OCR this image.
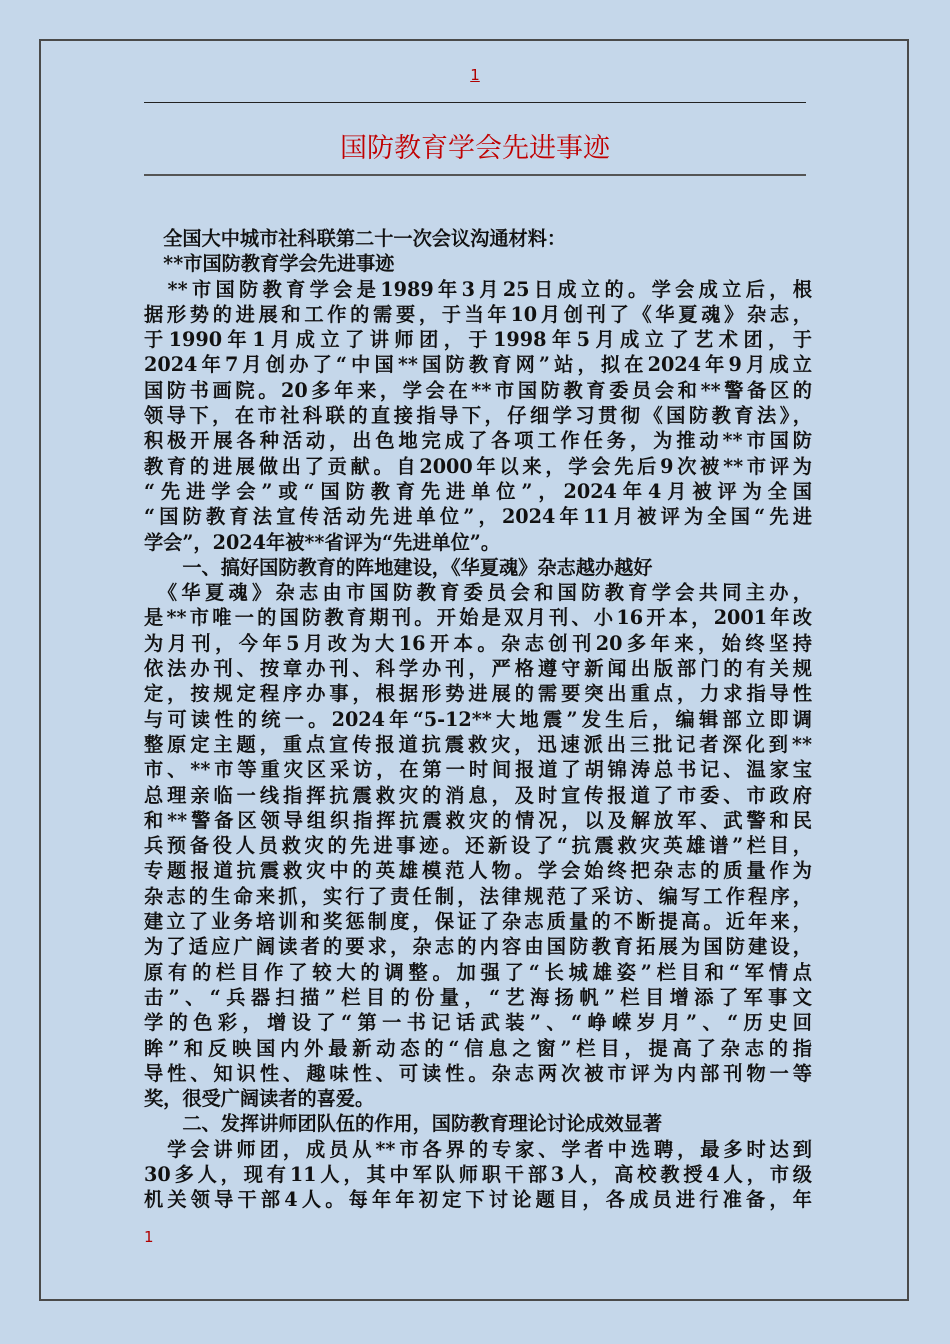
1
国防教育学会先进事迹
　全国大中城市社科联第二十一次会议沟通材料：
　**市国防教育学会先进事迹
　**市国防教育学会是1989年3月25日成立的。学会成立后，根
据形势的进展和工作的需要，于当年10月创刊了《华夏魂》杂志，
于1990年1月成立了讲师团，于1998年5月成立了艺术团，于
2024年7月创办了“中国**国防教育网”站，拟在2024年9月成立
国防书画院。20多年来，学会在**市国防教育委员会和**警备区的
领导下，在市社科联的直接指导下，仔细学习贯彻《国防教育法》，
积极开展各种活动，出色地完成了各项工作任务，为推动**市国防
教育的进展做出了贡献。自2000年以来，学会先后9次被**市评为
“先进学会”或“国防教育先进单位”，2024年4月被评为全国
“国防教育法宣传活动先进单位”，2024年11月被评为全国“先进
学会”，2024年被**省评为“先进单位”。
　　一、搞好国防教育的阵地建设，《华夏魂》杂志越办越好
　《华夏魂》杂志由市国防教育委员会和国防教育学会共同主办，
是**市唯一的国防教育期刊。开始是双月刊、小16开本，2001年改
为月刊，今年5月改为大16开本。杂志创刊20多年来，始终坚持
依法办刊、按章办刊、科学办刊，严格遵守新闻出版部门的有关规
定，按规定程序办事，根据形势进展的需要突出重点，力求指导性
与可读性的统一。2024年“5-12**大地震”发生后，编辑部立即调
整原定主题，重点宣传报道抗震救灾，迅速派出三批记者深化到**
市、**市等重灾区采访，在第一时间报道了胡锦涛总书记、温家宝
总理亲临一线指挥抗震救灾的消息，及时宣传报道了市委、市政府
和**警备区领导组织指挥抗震救灾的情况，以及解放军、武警和民
兵预备役人员救灾的先进事迹。还新设了“抗震救灾英雄谱”栏目，
专题报道抗震救灾中的英雄模范人物。学会始终把杂志的质量作为
杂志的生命来抓，实行了责任制，法律规范了采访、编写工作程序，
建立了业务培训和奖惩制度，保证了杂志质量的不断提高。近年来，
为了适应广阔读者的要求，杂志的内容由国防教育拓展为国防建设，
原有的栏目作了较大的调整。加强了“长城雄姿”栏目和“军情点
击”、“兵器扫描”栏目的份量，“艺海扬帆”栏目增添了军事文
学的色彩，增设了“第一书记话武装”、“峥嵘岁月”、“历史回
眸”和反映国内外最新动态的“信息之窗”栏目，提高了杂志的指
导性、知识性、趣味性、可读性。杂志两次被市评为内部刊物一等
奖，很受广阔读者的喜爱。
　　二、发挥讲师团队伍的作用，国防教育理论讨论成效显著
　学会讲师团，成员从**市各界的专家、学者中选聘，最多时达到
30多人，现有11人，其中军队师职干部3人，高校教授4人，市级
机关领导干部4人。每年年初定下讨论题目，各成员进行准备，年
1
